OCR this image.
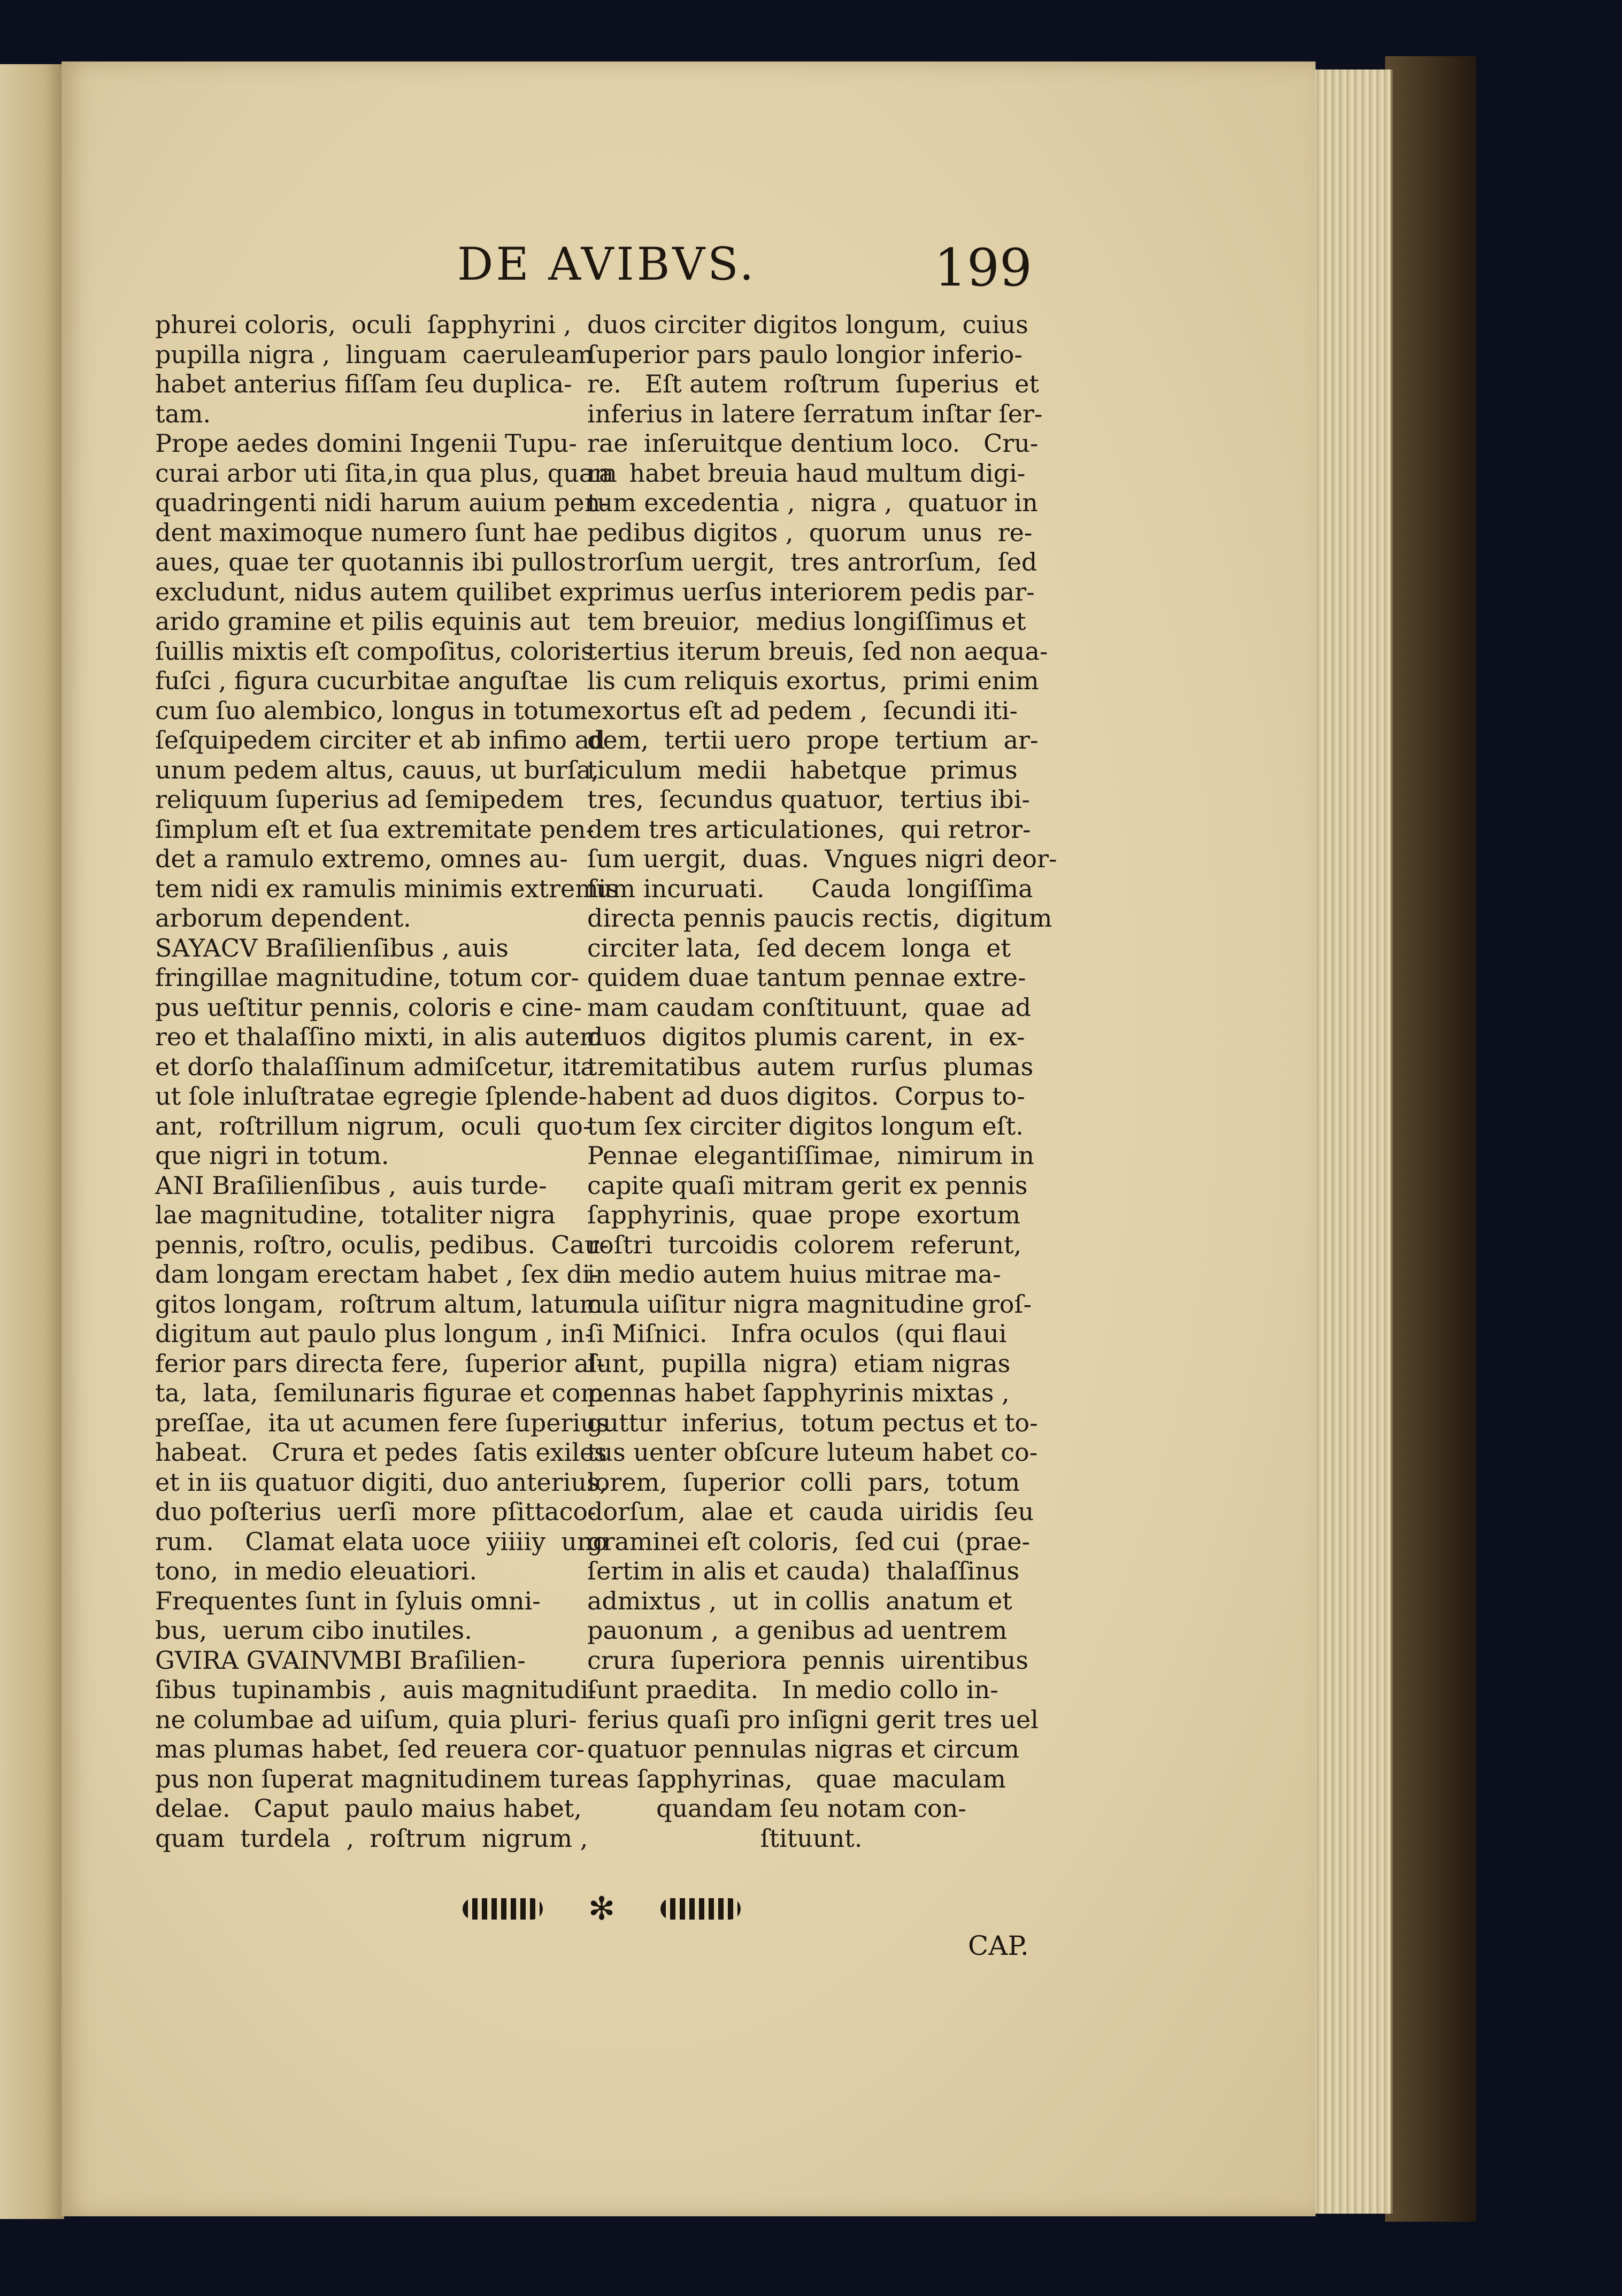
DE AVIBVS.	199
phurei coloris,  oculi  ſapphyrini ,
pupilla nigra ,  linguam  caeruleam
habet anterius fiſſam ſeu duplica-
tam.
Prope aedes domini Ingenii Tupu-
curai arbor uti ſita,in qua plus, quam
quadringenti nidi harum auium pen-
dent maximoque numero ſunt hae
aues, quae ter quotannis ibi pullos
excludunt, nidus autem quilibet ex
arido gramine et pilis equinis aut
ſuillis mixtis eſt compoſitus, coloris
fuſci , figura cucurbitae anguſtae
cum ſuo alembico, longus in totum
ſeſquipedem circiter et ab infimo ad
unum pedem altus, cauus, ut burſa,
reliquum ſuperius ad ſemipedem
ſimplum eſt et ſua extremitate pen-
det a ramulo extremo, omnes au-
tem nidi ex ramulis minimis extremis
arborum dependent.
SAYACV Braſilienſibus , auis
fringillae magnitudine, totum cor-
pus ueſtitur pennis, coloris e cine-
reo et thalaſſino mixti, in alis autem
et dorſo thalaſſinum admiſcetur, ita
ut ſole inluſtratae egregie ſplende-
ant,  roſtrillum nigrum,  oculi  quo-
que nigri in totum.
ANI Braſilienſibus ,  auis turde-
lae magnitudine,  totaliter nigra
pennis, roſtro, oculis, pedibus.  Cau-
dam longam erectam habet , ſex di-
gitos longam,  roſtrum altum, latum
digitum aut paulo plus longum , in-
ferior pars directa fere,  ſuperior al-
ta,  lata,  ſemilunaris figurae et com-
preſſae,  ita ut acumen fere ſuperius
habeat.   Crura et pedes  ſatis exiles
et in iis quatuor digiti, duo anterius,
duo poſterius  uerſi  more  pſittaco-
rum.    Clamat elata uoce  yiiiiy  uno
tono,  in medio eleuatiori.
Frequentes ſunt in ſyluis omni-
bus,  uerum cibo inutiles.
GVIRA GVAINVMBI Braſilien-
ſibus  tupinambis ,  auis magnitudi-
ne columbae ad uiſum, quia pluri-
mas plumas habet, ſed reuera cor-
pus non ſuperat magnitudinem tur-
delae.   Caput  paulo maius habet,
quam  turdela  ,  roſtrum  nigrum ,
duos circiter digitos longum,  cuius
ſuperior pars paulo longior inferio-
re.   Eſt autem  roſtrum  ſuperius  et
inferius in latere ſerratum inſtar ſer-
rae  inſeruitque dentium loco.   Cru-
ra  habet breuia haud multum digi-
tum excedentia ,  nigra ,  quatuor in
pedibus digitos ,  quorum  unus  re-
trorſum uergit,  tres antrorſum,  ſed
primus uerſus interiorem pedis par-
tem breuior,  medius longiſſimus et
tertius iterum breuis, ſed non aequa-
lis cum reliquis exortus,  primi enim
exortus eſt ad pedem ,  ſecundi iti-
dem,  tertii uero  prope  tertium  ar-
ticulum  medii   habetque   primus
tres,  ſecundus quatuor,  tertius ibi-
dem tres articulationes,  qui retror-
ſum uergit,  duas.  Vngues nigri deor-
ſum incuruati.      Cauda  longiſſima
directa pennis paucis rectis,  digitum
circiter lata,  ſed decem  longa  et
quidem duae tantum pennae extre-
mam caudam conſtituunt,  quae  ad
duos  digitos plumis carent,  in  ex-
tremitatibus  autem  rurſus  plumas
habent ad duos digitos.  Corpus to-
tum ſex circiter digitos longum eſt.
Pennae  elegantiſſimae,  nimirum in
capite quaſi mitram gerit ex pennis
ſapphyrinis,  quae  prope  exortum
roſtri  turcoidis  colorem  referunt,
in medio autem huius mitrae ma-
cula uiſitur nigra magnitudine groſ-
ſi Miſnici.   Infra oculos  (qui flaui
ſunt,  pupilla  nigra)  etiam nigras
pennas habet ſapphyrinis mixtas ,
guttur  inferius,  totum pectus et to-
tus uenter obſcure luteum habet co-
lorem,  ſuperior  colli  pars,  totum
dorſum,  alae  et  cauda  uiridis  ſeu
graminei eſt coloris,  ſed cui  (prae-
ſertim in alis et cauda)  thalaſſinus
admixtus ,  ut  in collis  anatum et
pauonum ,  a genibus ad uentrem
crura  ſuperiora  pennis  uirentibus
ſunt praedita.   In medio collo in-
ferius quaſi pro inſigni gerit tres uel
quatuor pennulas nigras et circum
eas ſapphyrinas,   quae  maculam
quandam ſeu notam con-
ſtituunt.
✻
CAP.
